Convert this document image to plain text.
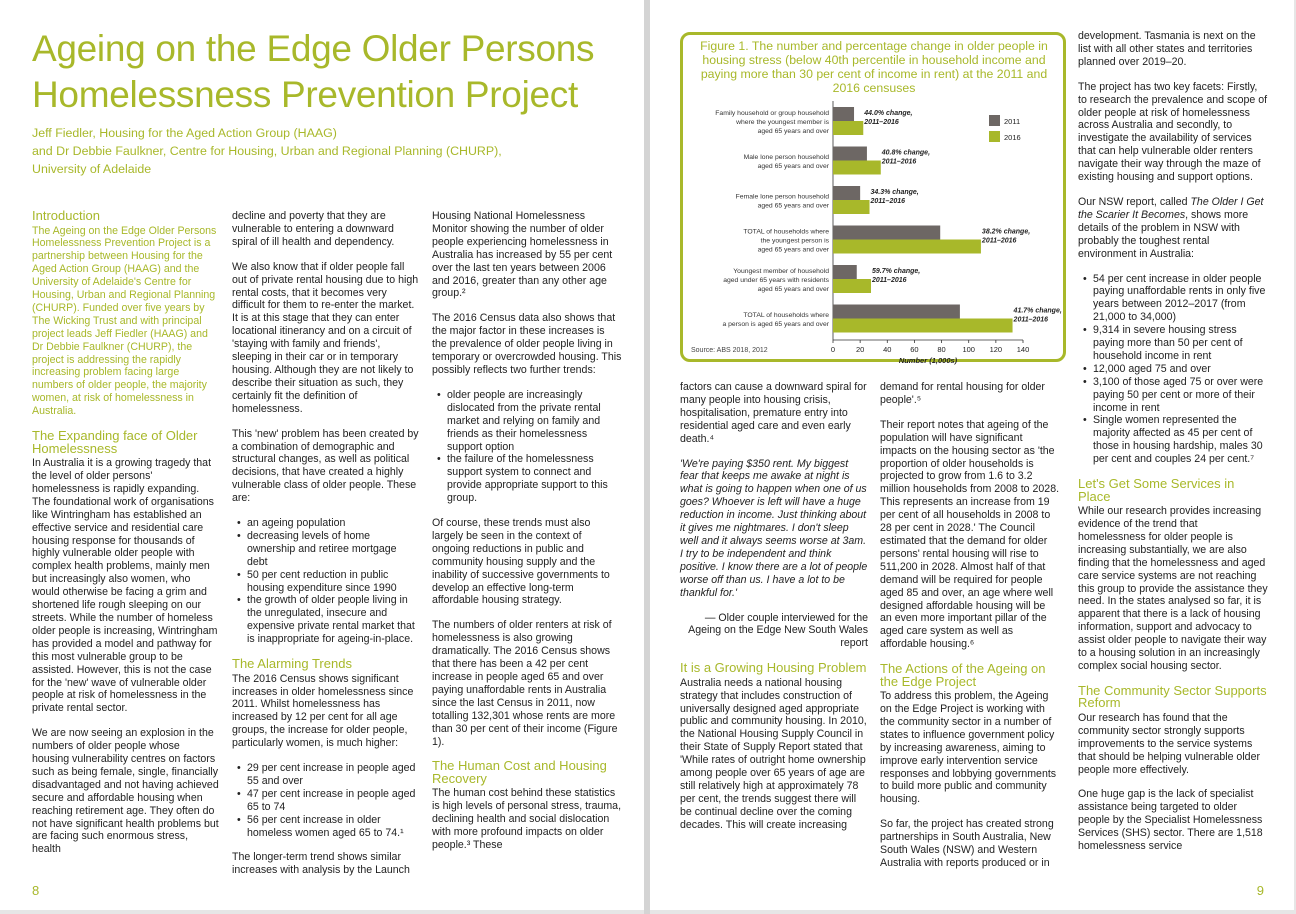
Ageing on the Edge Older Persons Homelessness Prevention Project
Jeff Fiedler, Housing for the Aged Action Group (HAAG)
and Dr Debbie Faulkner, Centre for Housing, Urban and Regional Planning (CHURP),
University of Adelaide
Introduction

The Ageing on the Edge Older Persons Homelessness Prevention Project is a partnership between Housing for the Aged Action Group (HAAG) and the University of Adelaide's Centre for Housing, Urban and Regional Planning (CHURP). Funded over five years by The Wicking Trust and with principal project leads Jeff Fiedler (HAAG) and Dr Debbie Faulkner (CHURP), the project is addressing the rapidly increasing problem facing large numbers of older people, the majority women, at risk of homelessness in Australia.

The Expanding face of Older Homelessness

In Australia it is a growing tragedy that the level of older persons' homelessness is rapidly expanding. The foundational work of organisations like Wintringham has established an effective service and residential care housing response for thousands of highly vulnerable older people with complex health problems, mainly men but increasingly also women, who would otherwise be facing a grim and shortened life rough sleeping on our streets. While the number of homeless older people is increasing, Wintringham has provided a model and pathway for this most vulnerable group to be assisted. However, this is not the case for the 'new' wave of vulnerable older people at risk of homelessness in the private rental sector.

We are now seeing an explosion in the numbers of older people whose housing vulnerability centres on factors such as being female, single, financially disadvantaged and not having achieved secure and affordable housing when reaching retirement age. They often do not have significant health problems but are facing such enormous stress, health

decline and poverty that they are vulnerable to entering a downward spiral of ill health and dependency.

We also know that if older people fall out of private rental housing due to high rental costs, that it becomes very difficult for them to re-enter the market. It is at this stage that they can enter locational itinerancy and on a circuit of 'staying with family and friends', sleeping in their car or in temporary housing. Although they are not likely to describe their situation as such, they certainly fit the definition of homelessness.

This 'new' problem has been created by a combination of demographic and structural changes, as well as political decisions, that have created a highly vulnerable class of older people. These are:

• an ageing population
• decreasing levels of home ownership and retiree mortgage debt
• 50 per cent reduction in public housing expenditure since 1990
• the growth of older people living in the unregulated, insecure and expensive private rental market that is inappropriate for ageing-in-place.
The Alarming Trends

The 2016 Census shows significant increases in older homelessness since 2011. Whilst homelessness has increased by 12 per cent for all age groups, the increase for older people, particularly women, is much higher:

• 29 per cent increase in people aged 55 and over
• 47 per cent increase in people aged 65 to 74
• 56 per cent increase in older homeless women aged 65 to 74.¹

The longer-term trend shows similar increases with analysis by the Launch

Housing National Homelessness Monitor showing the number of older people experiencing homelessness in Australia has increased by 55 per cent over the last ten years between 2006 and 2016, greater than any other age group.²

The 2016 Census data also shows that the major factor in these increases is the prevalence of older people living in temporary or overcrowded housing. This possibly reflects two further trends:

• older people are increasingly dislocated from the private rental market and relying on family and friends as their homelessness support option
• the failure of the homelessness support system to connect and provide appropriate support to this group.

Of course, these trends must also largely be seen in the context of ongoing reductions in public and community housing supply and the inability of successive governments to develop an effective long-term affordable housing strategy.

The numbers of older renters at risk of homelessness is also growing dramatically. The 2016 Census shows that there has been a 42 per cent increase in people aged 65 and over paying unaffordable rents in Australia since the last Census in 2011, now totalling 132,301 whose rents are more than 30 per cent of their income (Figure 1).

The Human Cost and Housing Recovery

The human cost behind these statistics is high levels of personal stress, trauma, declining health and social dislocation with more profound impacts on older people.³ These

8
Figure 1. The number and percentage change in older people in housing stress (below 40th percentile in household income and paying more than 30 per cent of income in rent) at the 2011 and 2016 censuses
0	20	40	60	80 100 120 140
Number (1,000s)
Family household or group household
where the youngest member is
aged 65 years and over
44.0% change,
2011–2016
Male lone person household
aged 65 years and over
40.8% change,
2011–2016
Female lone person household
aged 65 years and over
34.3% change,
2011–2016
TOTAL of households where
the youngest person is
aged 65 years and over
38.2% change,
2011–2016
Youngest member of household
aged under 65 years with residents
aged 65 years and over
59.7% change,
2011–2016
TOTAL of households where
a person is aged 65 years and over
41.7% change,
2011–2016
2011
2016
Source: ABS 2018, 2012

factors can cause a downward spiral for many people into housing crisis, hospitalisation, premature entry into residential aged care and even early death.⁴

'We're paying $350 rent. My biggest fear that keeps me awake at night is what is going to happen when one of us goes? Whoever is left will have a huge reduction in income. Just thinking about it gives me nightmares. I don't sleep well and it always seems worse at 3am. I try to be independent and think positive. I know there are a lot of people worse off than us. I have a lot to be thankful for.'

— Older couple interviewed for the Ageing on the Edge New South Wales report

It is a Growing Housing Problem

Australia needs a national housing strategy that includes construction of universally designed aged appropriate public and community housing. In 2010, the National Housing Supply Council in their State of Supply Report stated that 'While rates of outright home ownership among people over 65 years of age are still relatively high at approximately 78 per cent, the trends suggest there will be continual decline over the coming decades. This will create increasing

demand for rental housing for older people'.⁵

Their report notes that ageing of the population will have significant impacts on the housing sector as 'the proportion of older households is projected to grow from 1.6 to 3.2 million households from 2008 to 2028. This represents an increase from 19 per cent of all households in 2008 to 28 per cent in 2028.' The Council estimated that the demand for older persons' rental housing will rise to 511,200 in 2028. Almost half of that demand will be required for people aged 85 and over, an age where well designed affordable housing will be an even more important pillar of the aged care system as well as affordable housing.⁶

The Actions of the Ageing on the Edge Project

To address this problem, the Ageing on the Edge Project is working with the community sector in a number of states to influence government policy by increasing awareness, aiming to improve early intervention service responses and lobbying governments to build more public and community housing.

So far, the project has created strong partnerships in South Australia, New South Wales (NSW) and Western Australia with reports produced or in

development. Tasmania is next on the list with all other states and territories planned over 2019–20.

The project has two key facets: Firstly, to research the prevalence and scope of older people at risk of homelessness across Australia and secondly, to investigate the availability of services that can help vulnerable older renters navigate their way through the maze of existing housing and support options.

Our NSW report, called The Older I Get the Scarier It Becomes, shows more details of the problem in NSW with probably the toughest rental environment in Australia:

• 54 per cent increase in older people paying unaffordable rents in only five years between 2012–2017 (from 21,000 to 34,000)
• 9,314 in severe housing stress paying more than 50 per cent of household income in rent
• 12,000 aged 75 and over
• 3,100 of those aged 75 or over were paying 50 per cent or more of their income in rent
• Single women represented the majority affected as 45 per cent of those in housing hardship, males 30 per cent and couples 24 per cent.⁷
Let's Get Some Services in Place

While our research provides increasing evidence of the trend that homelessness for older people is increasing substantially, we are also finding that the homelessness and aged care service systems are not reaching this group to provide the assistance they need. In the states analysed so far, it is apparent that there is a lack of housing information, support and advocacy to assist older people to navigate their way to a housing solution in an increasingly complex social housing sector.

The Community Sector Supports Reform

Our research has found that the community sector strongly supports improvements to the service systems that should be helping vulnerable older people more effectively.

One huge gap is the lack of specialist assistance being targeted to older people by the Specialist Homelessness Services (SHS) sector. There are 1,518 homelessness service

9
